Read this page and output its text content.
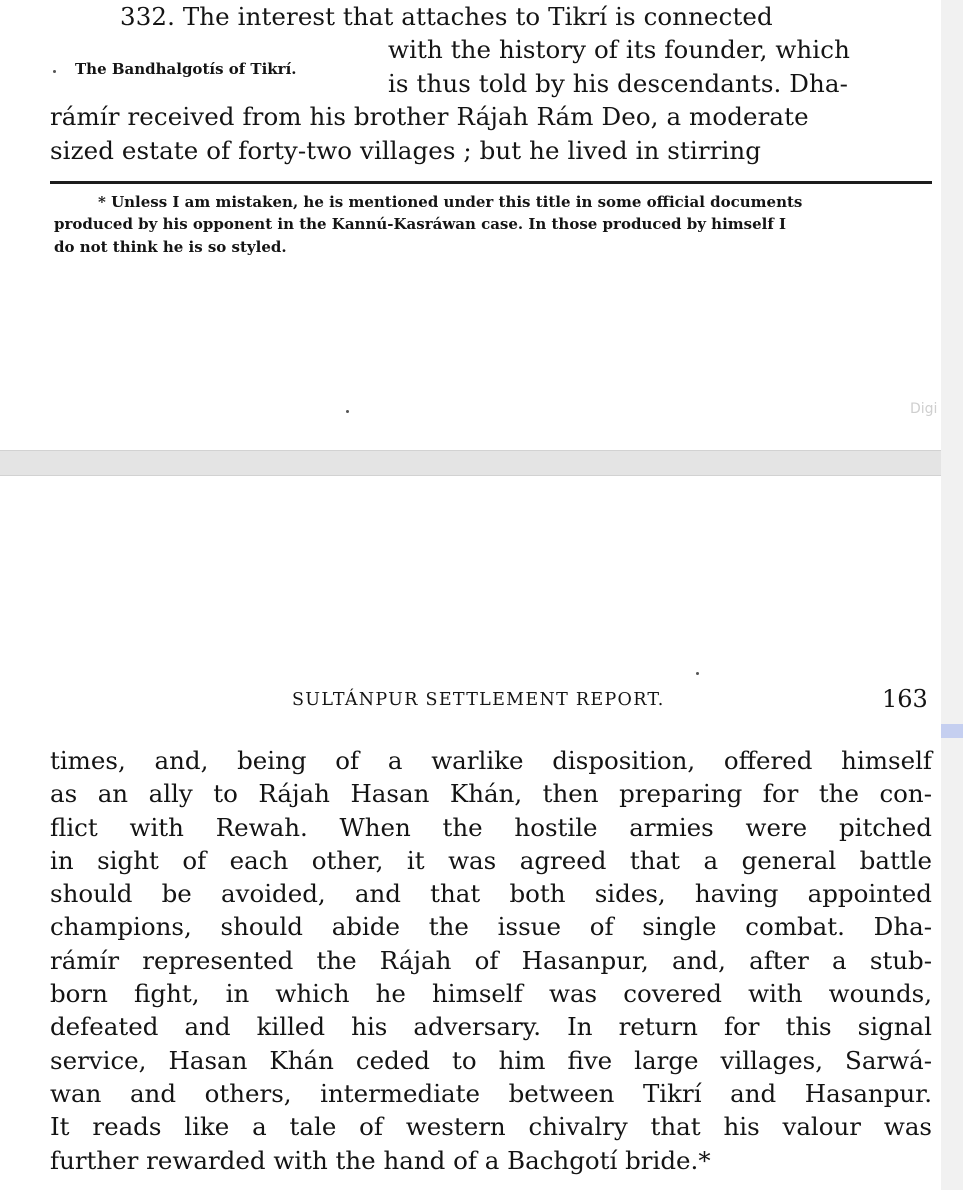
332. The interest that attaches to Tikrí is connected
The Bandhalgotís of Tikrí.
with the history of its founder, which
is thus told by his descendants. Dha-
rámír received from his brother Rájah Rám Deo, a moderate
sized estate of forty-two villages ; but he lived in stirring
* Unless I am mistaken, he is mentioned under this title in some official documents
produced by his opponent in the Kannú-Kasráwan case. In those produced by himself I
do not think he is so styled.
Digi
SULTÁNPUR SETTLEMENT REPORT.	163
times, and, being of a warlike disposition, offered himself
as an ally to Rájah Hasan Khán, then preparing for the con-
flict with Rewah. When the hostile armies were pitched
in sight of each other, it was agreed that a general battle
should be avoided, and that both sides, having appointed
champions, should abide the issue of single combat. Dha-
rámír represented the Rájah of Hasanpur, and, after a stub-
born fight, in which he himself was covered with wounds,
defeated and killed his adversary. In return for this signal
service, Hasan Khán ceded to him five large villages, Sarwá-
wan and others, intermediate between Tikrí and Hasanpur.
It reads like a tale of western chivalry that his valour was
further rewarded with the hand of a Bachgotí bride.*
